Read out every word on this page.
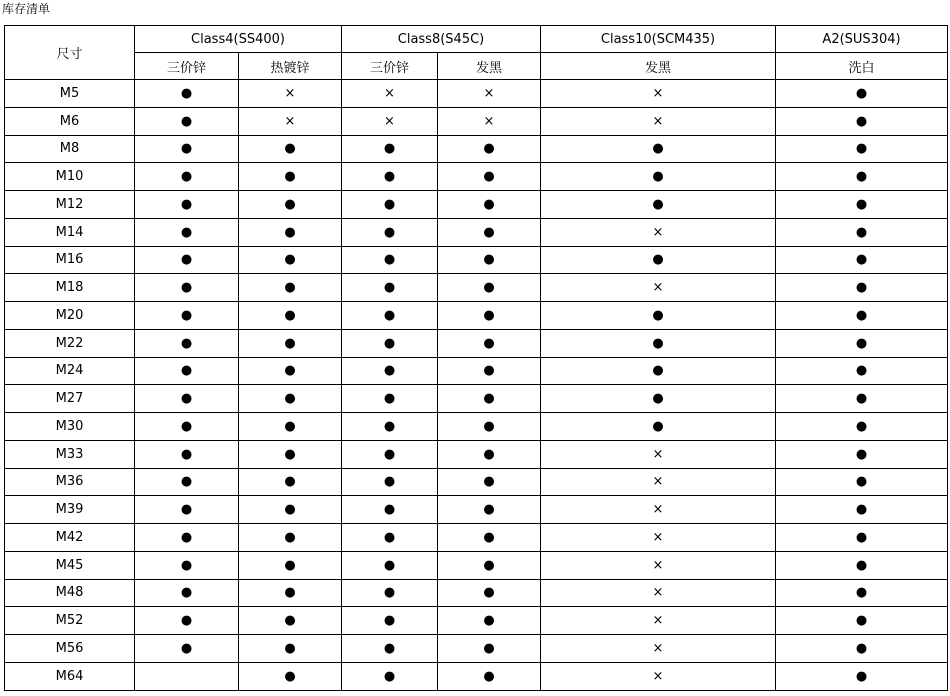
库存清单
尺寸	Class4(SS400)		Class8(S45C)		Class10(SCM435)	A2(SUS304)
	三价锌	热镀锌	三价锌	发黑	发黑	洗白
M5	●	×	×	×	×	●
M6	●	×	×	×	×	●
M8	●	●	●	●	●	●
M10	●	●	●	●	●	●
M12	●	●	●	●	●	●
M14	●	●	●	●	×	●
M16	●	●	●	●	●	●
M18	●	●	●	●	×	●
M20	●	●	●	●	●	●
M22	●	●	●	●	●	●
M24	●	●	●	●	●	●
M27	●	●	●	●	●	●
M30	●	●	●	●	●	●
M33	●	●	●	●	×	●
M36	●	●	●	●	×	●
M39	●	●	●	●	×	●
M42	●	●	●	●	×	●
M45	●	●	●	●	×	●
M48	●	●	●	●	×	●
M52	●	●	●	●	×	●
M56	●	●	●	●	×	●
M64		●	●	●	×	●
